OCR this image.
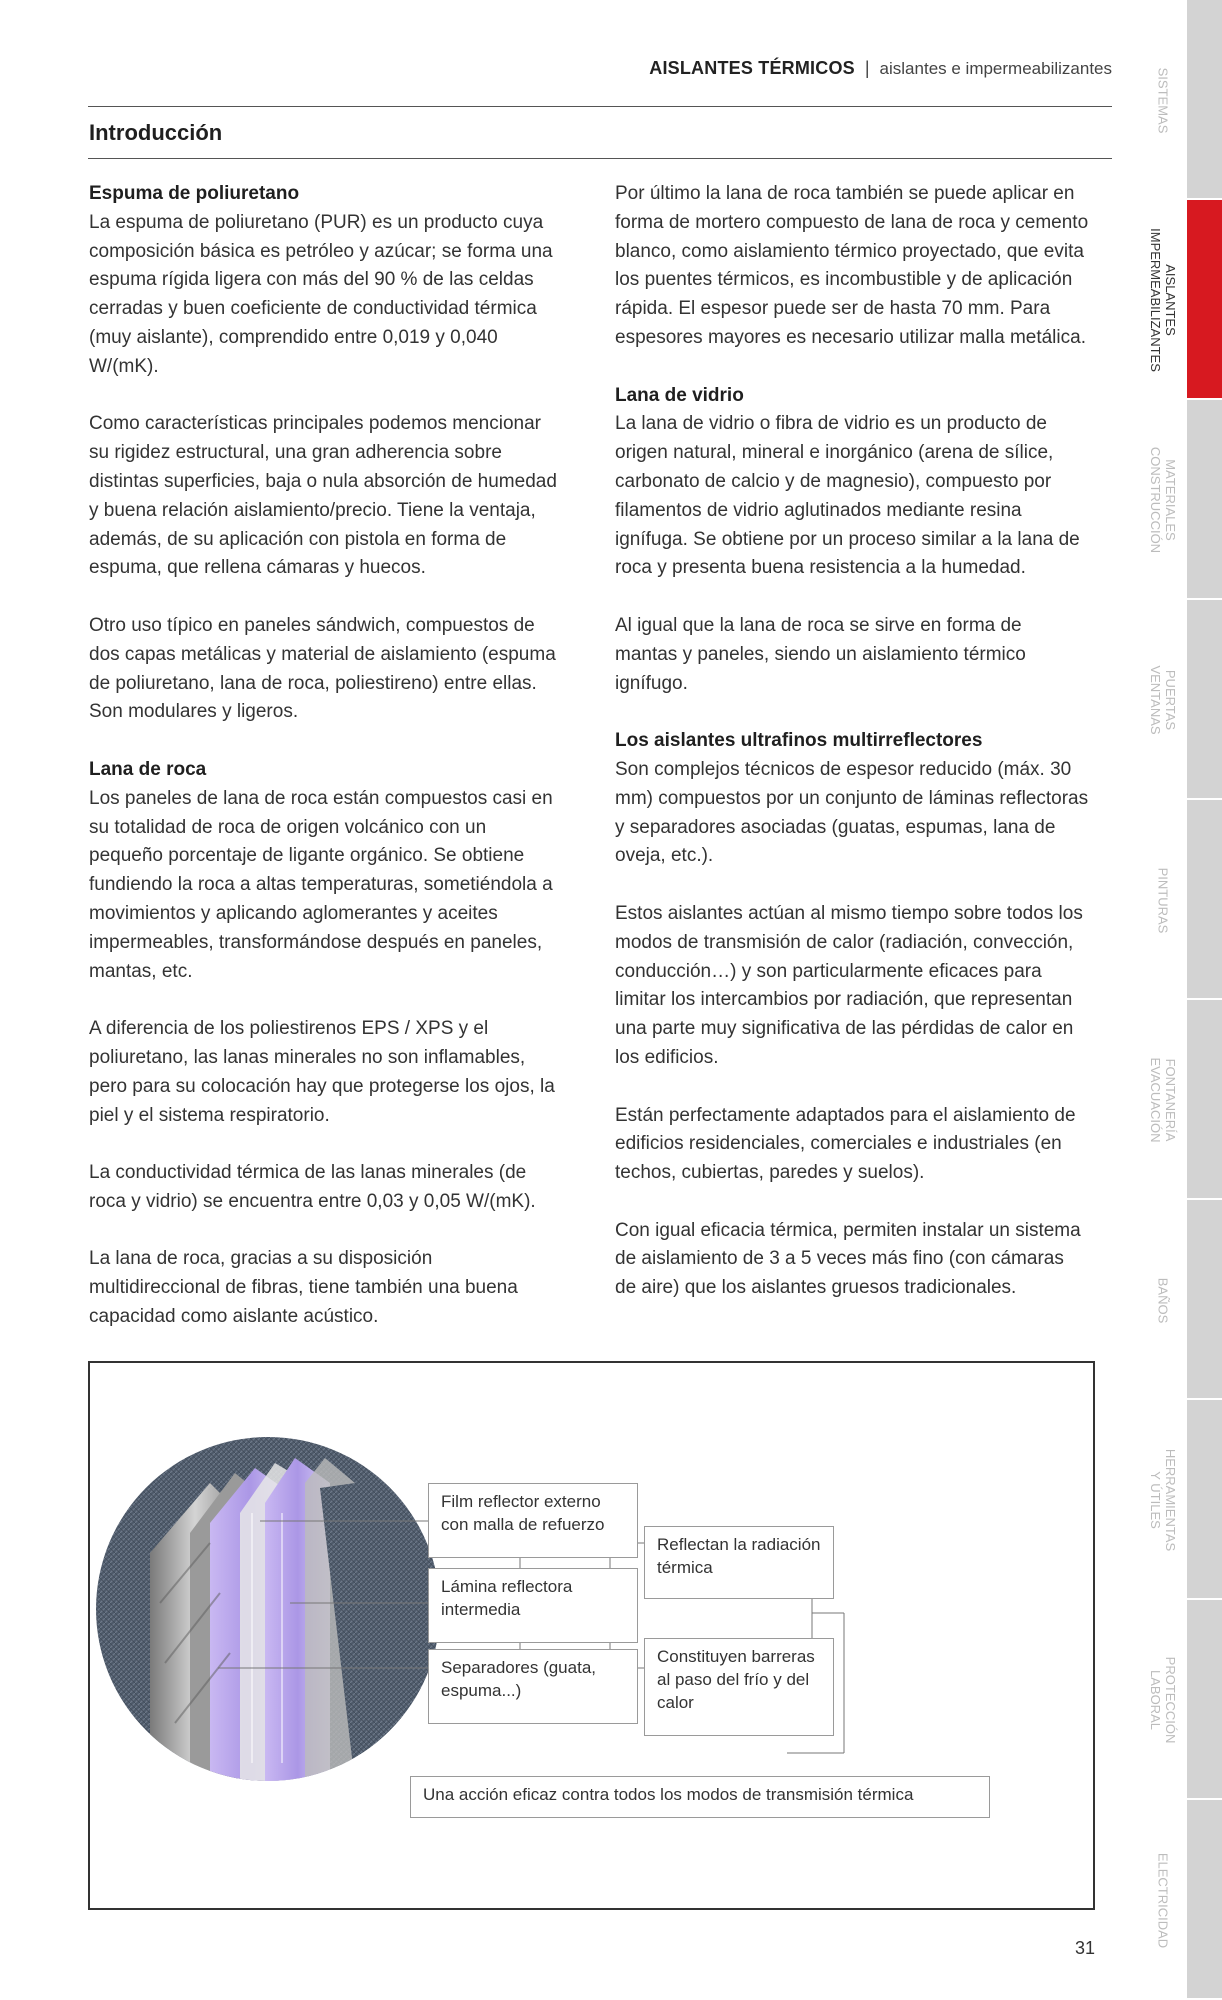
AISLANTES TÉRMICOS | aislantes e impermeabilizantes
Introducción
Espuma de poliuretano

La espuma de poliuretano (PUR) es un producto cuya composición básica es petróleo y azúcar; se forma una espuma rígida ligera con más del 90 % de las celdas cerradas y buen coeficiente de conductividad térmica (muy aislante), comprendido entre 0,019 y 0,040 W/(mK).

Como características principales podemos mencionar su rigidez estructural, una gran adherencia sobre distintas superficies, baja o nula absorción de humedad y buena relación aislamiento/precio. Tiene la ventaja, además, de su aplicación con pistola en forma de espuma, que rellena cámaras y huecos.

Otro uso típico en paneles sándwich, compuestos de dos capas metálicas y material de aislamiento (espuma de poliuretano, lana de roca, poliestireno) entre ellas. Son modulares y ligeros.

Lana de roca

Los paneles de lana de roca están compuestos casi en su totalidad de roca de origen volcánico con un pequeño porcentaje de ligante orgánico. Se obtiene fundiendo la roca a altas temperaturas, sometiéndola a movimientos y aplicando aglomerantes y aceites impermeables, transformándose después en paneles, mantas, etc.

A diferencia de los poliestirenos EPS / XPS y el poliuretano, las lanas minerales no son inflamables, pero para su colocación hay que protegerse los ojos, la piel y el sistema respiratorio.

La conductividad térmica de las lanas minerales (de roca y vidrio) se encuentra entre 0,03 y 0,05 W/(mK).

La lana de roca, gracias a su disposición multidireccional de fibras, tiene también una buena capacidad como aislante acústico.

Por último la lana de roca también se puede aplicar en forma de mortero compuesto de lana de roca y cemento blanco, como aislamiento térmico proyectado, que evita los puentes térmicos, es incombustible y de aplicación rápida. El espesor puede ser de hasta 70 mm. Para espesores mayores es necesario utilizar malla metálica.

Lana de vidrio

La lana de vidrio o fibra de vidrio es un producto de origen natural, mineral e inorgánico (arena de sílice, carbonato de calcio y de magnesio), compuesto por filamentos de vidrio aglutinados mediante resina ignífuga. Se obtiene por un proceso similar a la lana de roca y presenta buena resistencia a la humedad.

Al igual que la lana de roca se sirve en forma de mantas y paneles, siendo un aislamiento térmico ignífugo.

Los aislantes ultrafinos multirreflectores

Son complejos técnicos de espesor reducido (máx. 30 mm) compuestos por un conjunto de láminas reflectoras y separadores asociadas (guatas, espumas, lana de oveja, etc.).

Estos aislantes actúan al mismo tiempo sobre todos los modos de transmisión de calor (radiación, convección, conducción…) y son particularmente eficaces para limitar los intercambios por radiación, que representan una parte muy significativa de las pérdidas de calor en los edificios.

Están perfectamente adaptados para el aislamiento de edificios residenciales, comerciales e industriales (en techos, cubiertas, paredes y suelos).

Con igual eficacia térmica, permiten instalar un sistema de aislamiento de 3 a 5 veces más fino (con cámaras de aire) que los aislantes gruesos tradicionales.

Film reflector externo con malla de refuerzo
Lámina reflectora intermedia
Separadores (guata, espuma...)
Reflectan la radiación térmica
Constituyen barreras al paso del frío y del calor
Una acción eficaz contra todos los modos de transmisión térmica
31
SISTEMAS
AISLANTES
IMPERMEABILIZANTES
MATERIALES
CONSTRUCCIÓN
PUERTAS
VENTANAS
PINTURAS
FONTANERÍA
EVACUACIÓN
BAÑOS
HERRAMIENTAS
Y ÚTILES
PROTECCIÓN
LABORAL
ELECTRICIDAD
